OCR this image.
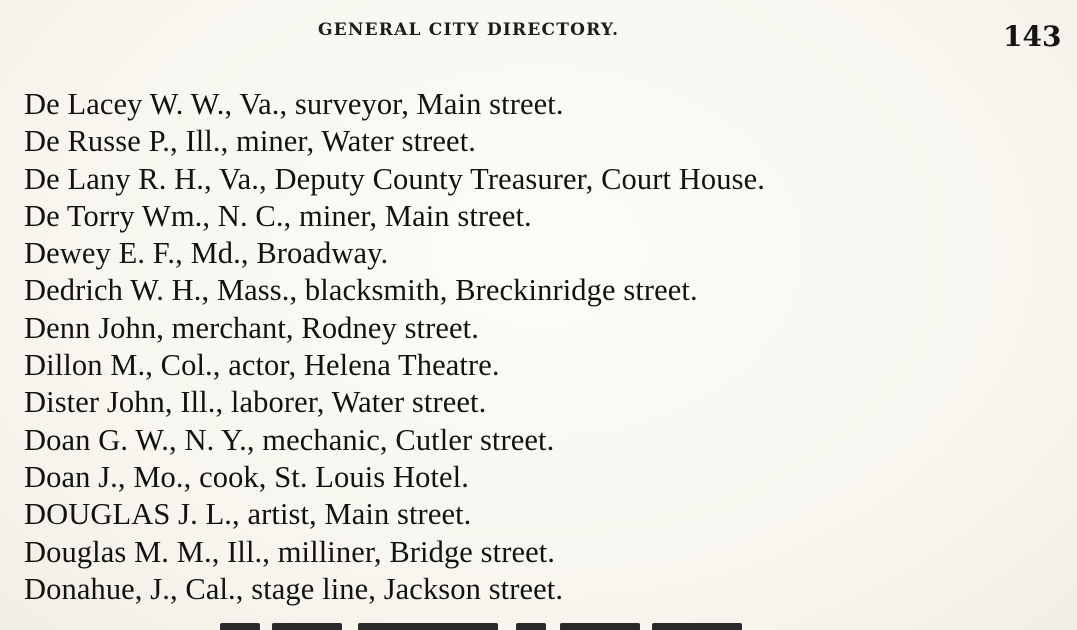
GENERAL CITY DIRECTORY.	143
De Lacey W. W., Va., surveyor, Main street.
De Russe P., Ill., miner, Water street.
De Lany R. H., Va., Deputy County Treasurer, Court House.
De Torry Wm., N. C., miner, Main street.
Dewey E. F., Md., Broadway.
Dedrich W. H., Mass., blacksmith, Breckinridge street.
Denn John, merchant, Rodney street.
Dillon M., Col., actor, Helena Theatre.
Dister John, Ill., laborer, Water street.
Doan G. W., N. Y., mechanic, Cutler street.
Doan J., Mo., cook, St. Louis Hotel.
DOUGLAS J. L., artist, Main street.
Douglas M. M., Ill., milliner, Bridge street.
Donahue, J., Cal., stage line, Jackson street.
